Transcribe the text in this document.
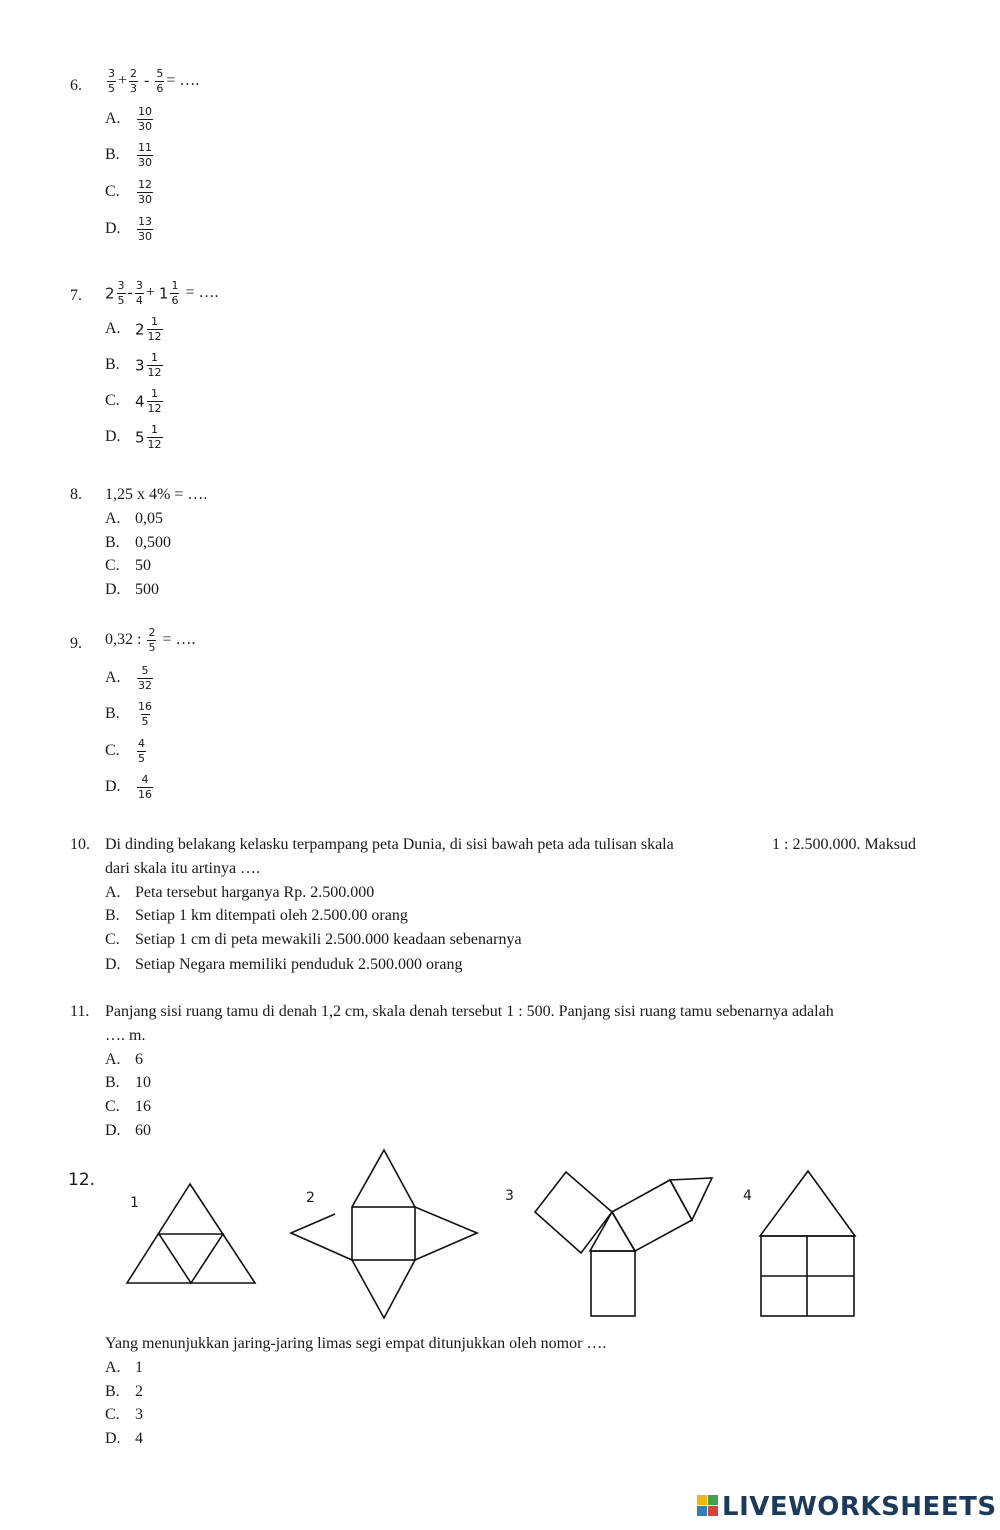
6. $\frac{3}{5} + \frac{2}{3} - \frac{5}{6}$ = ….
A. $\frac{10}{30}$
B. $\frac{11}{30}$
C. $\frac{12}{30}$
D. $\frac{13}{30}$
7. $2 \frac{3}{5} - \frac{3}{4} + 1 \frac{1}{6}$ = ….
A. $2 \frac{1}{12}$
B. $3 \frac{1}{12}$
C. $4 \frac{1}{12}$
D. $5 \frac{1}{12}$
8. 1,25 x 4% = ….
A. 0,05
B. 0,500
C. 50
D. 500
9. 0,32 : $\frac{2}{5}$ = ….
A. $\frac{5}{32}$
B. $\frac{16}{5}$
C. $\frac{4}{5}$
D. $\frac{4}{16}$
10. Di dinding belakang kelasku terpampang peta Dunia, di sisi bawah peta ada tulisan skala	1 : 2.500.000. Maksud
dari skala itu artinya ….
A. Peta tersebut harganya Rp. 2.500.000
B. Setiap 1 km ditempati oleh 2.500.00 orang
C. Setiap 1 cm di peta mewakili 2.500.000 keadaan sebenarnya
D. Setiap Negara memiliki penduduk 2.500.000 orang
11. Panjang sisi ruang tamu di denah 1,2 cm, skala denah tersebut 1 : 500. Panjang sisi ruang tamu sebenarnya adalah
…. m.
A. 6
B. 10
C. 16
D. 60
12.
1	2	3	4
Yang menunjukkan jaring-jaring limas segi empat ditunjukkan oleh nomor ….
A. 1
B. 2
C. 3
D. 4
LIVEWORKSHEETS
